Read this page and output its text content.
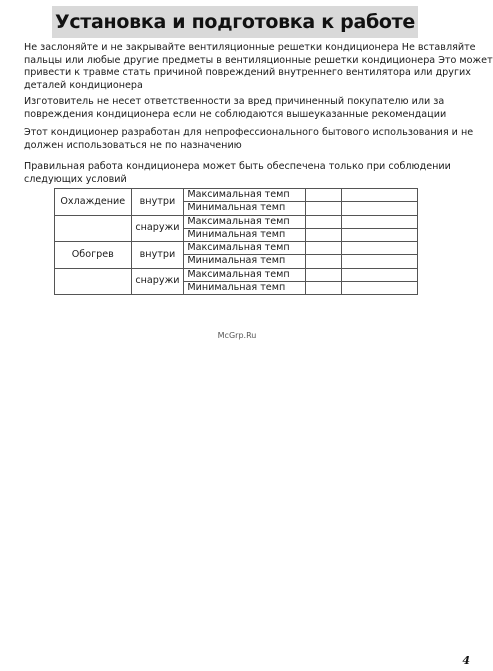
Установка и подготовка к работе

Не заслоняйте и не закрывайте вентиляционные решетки кондиционера Не вставляйте
пальцы или любые другие предметы в вентиляционные решетки кондиционера Это может
привести к травме стать причиной повреждений внутреннего вентилятора или других
деталей кондиционера

Изготовитель не несет ответственности за вред причиненный покупателю или за
повреждения кондиционера если не соблюдаются вышеуказанные рекомендации

Этот кондиционер разработан для непрофессионального бытового использования и не
должен использоваться не по назначению

Правильная работа кондиционера может быть обеспечена только при соблюдении
следующих условий

Охлаждение	внутри	Максимальная темп		
		Минимальная темп		
	снаружи	Максимальная темп		
		Минимальная темп		
Обогрев	внутри	Максимальная темп		
		Минимальная темп		
	снаружи	Максимальная темп		
		Минимальная темп		
McGrp.Ru
4
